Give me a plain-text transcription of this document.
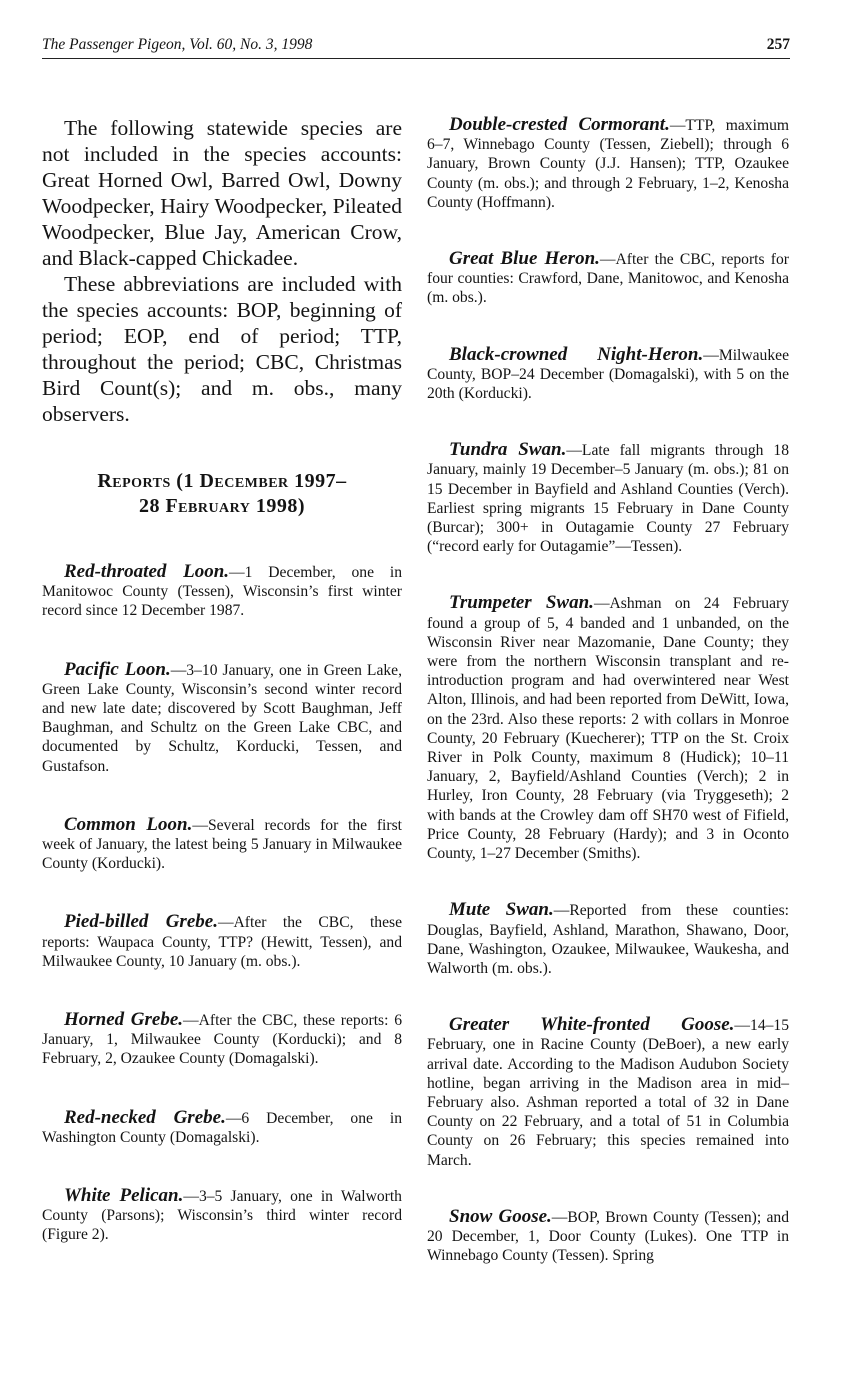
The Passenger Pigeon, Vol. 60, No. 3, 1998	257

The following statewide species are not included in the species accounts: Great Horned Owl, Barred Owl, Downy Woodpecker, Hairy Woodpecker, Pileated Woodpecker, Blue Jay, American Crow, and Black-capped Chickadee.

These abbreviations are included with the species accounts: BOP, beginning of period; EOP, end of period; TTP, throughout the period; CBC, Christmas Bird Count(s); and m. obs., many observers.

Reports (1 December 1997–
28 February 1998)

Red-throated Loon.—1 December, one in Manitowoc County (Tessen), Wisconsin’s first winter record since 12 December 1987.

Pacific Loon.—3–10 January, one in Green Lake, Green Lake County, Wisconsin’s second winter record and new late date; discovered by Scott Baughman, Jeff Baughman, and Schultz on the Green Lake CBC, and documented by Schultz, Korducki, Tessen, and Gustafson.

Common Loon.—Several records for the first week of January, the latest being 5 January in Milwaukee County (Korducki).

Pied-billed Grebe.—After the CBC, these reports: Waupaca County, TTP? (Hewitt, Tessen), and Milwaukee County, 10 January (m. obs.).

Horned Grebe.—After the CBC, these reports: 6 January, 1, Milwaukee County (Korducki); and 8 February, 2, Ozaukee County (Domagalski).

Red-necked Grebe.—6 December, one in Washington County (Domagalski).

White Pelican.—3–5 January, one in Walworth County (Parsons); Wisconsin’s third winter record (Figure 2).

Double-crested Cormorant.—TTP, maximum 6–7, Winnebago County (Tessen, Ziebell); through 6 January, Brown County (J.J. Hansen); TTP, Ozaukee County (m. obs.); and through 2 February, 1–2, Kenosha County (Hoffmann).

Great Blue Heron.—After the CBC, reports for four counties: Crawford, Dane, Manitowoc, and Kenosha (m. obs.).

Black-crowned Night-Heron.—Milwaukee County, BOP–24 December (Domagalski), with 5 on the 20th (Korducki).

Tundra Swan.—Late fall migrants through 18 January, mainly 19 December–5 January (m. obs.); 81 on 15 December in Bayfield and Ashland Counties (Verch). Earliest spring migrants 15 February in Dane County (Burcar); 300+ in Outagamie County 27 February (“record early for Outagamie”—Tessen).

Trumpeter Swan.—Ashman on 24 February found a group of 5, 4 banded and 1 unbanded, on the Wisconsin River near Mazomanie, Dane County; they were from the northern Wisconsin transplant and re-introduction program and had overwintered near West Alton, Illinois, and had been reported from DeWitt, Iowa, on the 23rd. Also these reports: 2 with collars in Monroe County, 20 February (Kuecherer); TTP on the St. Croix River in Polk County, maximum 8 (Hudick); 10–11 January, 2, Bayfield/Ashland Counties (Verch); 2 in Hurley, Iron County, 28 February (via Tryggeseth); 2 with bands at the Crowley dam off SH70 west of Fifield, Price County, 28 February (Hardy); and 3 in Oconto County, 1–27 December (Smiths).

Mute Swan.—Reported from these counties: Douglas, Bayfield, Ashland, Marathon, Shawano, Door, Dane, Washington, Ozaukee, Milwaukee, Waukesha, and Walworth (m. obs.).

Greater White-fronted Goose.—14–15 February, one in Racine County (DeBoer), a new early arrival date. According to the Madison Audubon Society hotline, began arriving in the Madison area in mid–February also. Ashman reported a total of 32 in Dane County on 22 February, and a total of 51 in Columbia County on 26 February; this species remained into March.

Snow Goose.—BOP, Brown County (Tessen); and 20 December, 1, Door County (Lukes). One TTP in Winnebago County (Tessen). Spring
